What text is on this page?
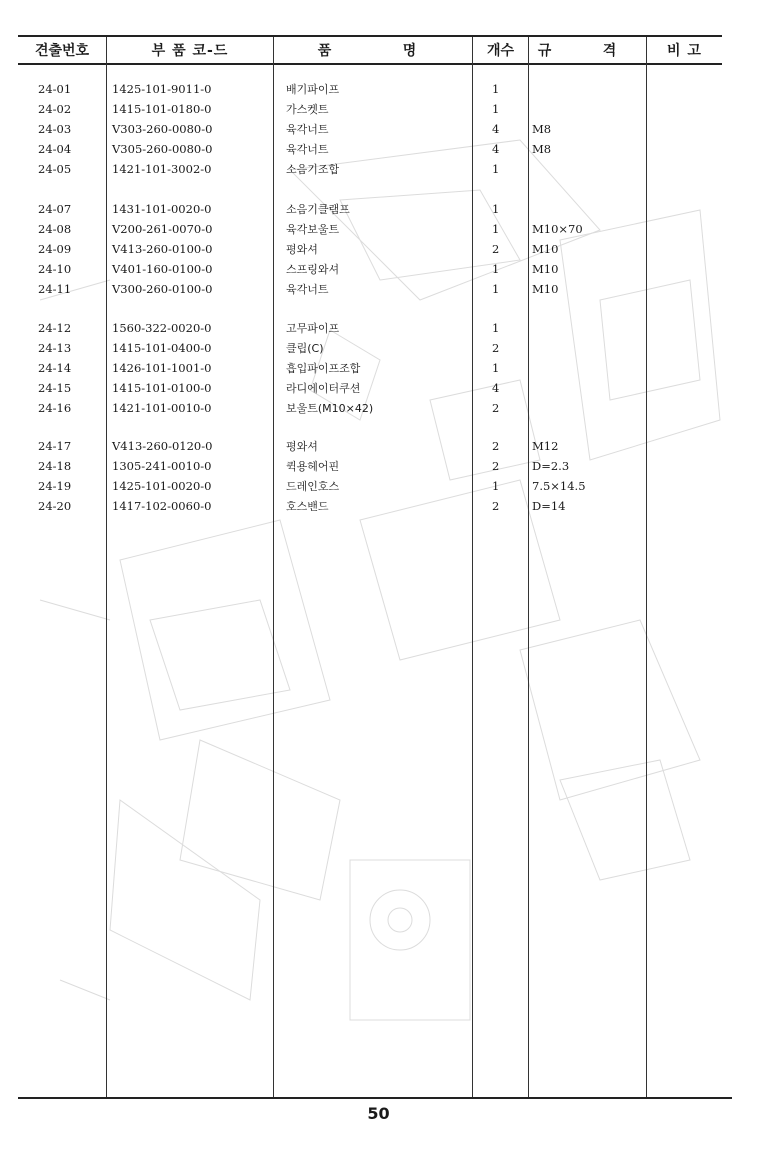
견출번호	부 품 코-드	품	명	개수	규	격	비 고
24-01	1425-101-9011-0	배기파이프	1
24-02	1415-101-0180-0	가스켓트	1
24-03	V303-260-0080-0	육각너트	4	M8
24-04	V305-260-0080-0	육각너트	4	M8
24-05	1421-101-3002-0	소음기조합	1
24-07	1431-101-0020-0	소음기클램프	1
24-08	V200-261-0070-0	육각보울트	1	M10×70
24-09	V413-260-0100-0	평와셔	2	M10
24-10	V401-160-0100-0	스프링와셔	1	M10
24-11	V300-260-0100-0	육각너트	1	M10
24-12	1560-322-0020-0	고무파이프	1
24-13	1415-101-0400-0	클립(C)	2
24-14	1426-101-1001-0	흡입파이프조합	1
24-15	1415-101-0100-0	라디에이터쿠션	4
24-16	1421-101-0010-0	보울트(M10×42)	2
24-17	V413-260-0120-0	평와셔	2	M12
24-18	1305-241-0010-0	퀵용헤어핀	2	D=2.3
24-19	1425-101-0020-0	드레인호스	1	7.5×14.5
24-20	1417-102-0060-0	호스밴드	2	D=14
50
